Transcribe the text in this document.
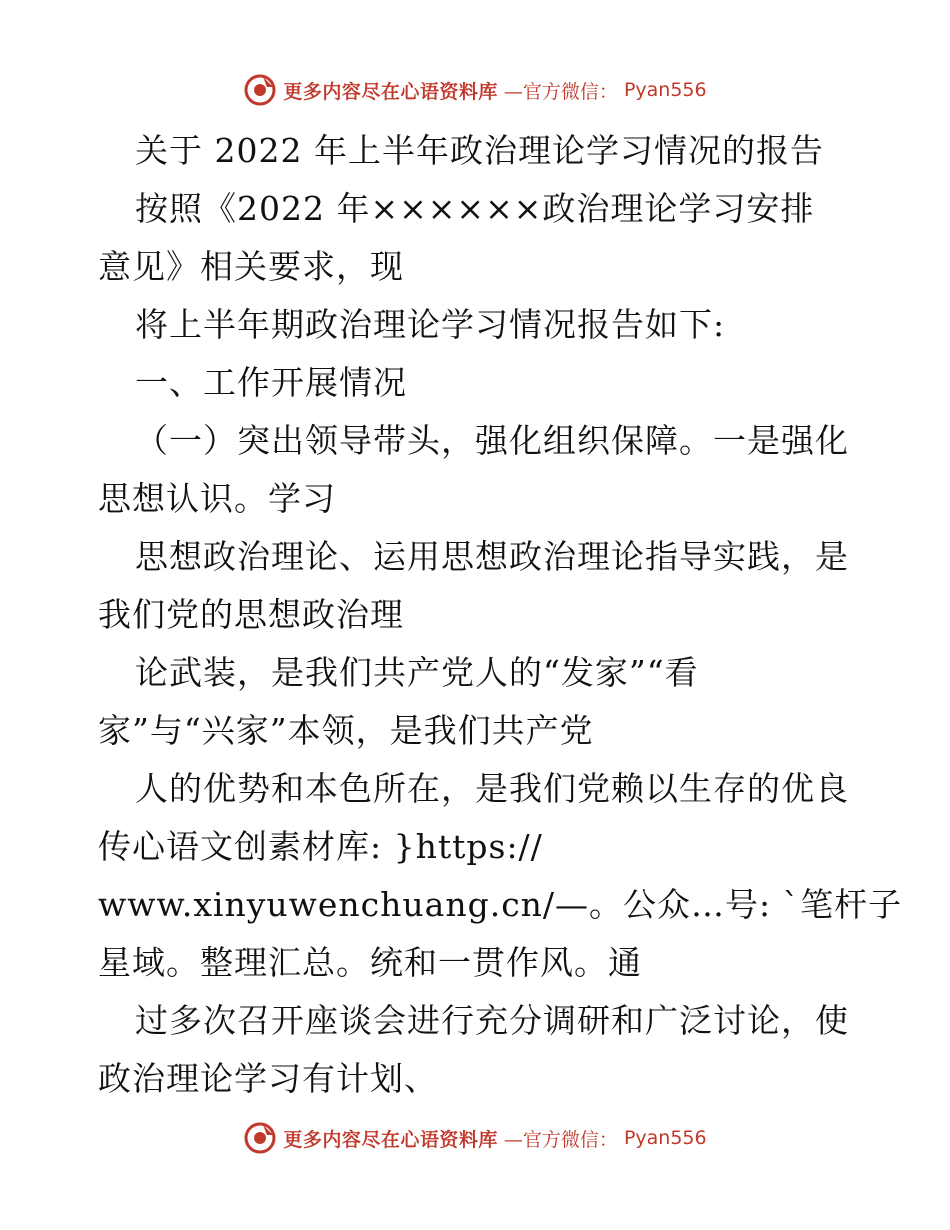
更多内容尽在心语资料库 —官方微信： Pyan556
关于 2022 年上半年政治理论学习情况的报告
按照《2022 年××××××政治理论学习安排
意见》相关要求，现
将上半年期政治理论学习情况报告如下:
一、工作开展情况
（一）突出领导带头，强化组织保障。一是强化
思想认识。学习
思想政治理论、运用思想政治理论指导实践，是
我们党的思想政治理
论武装，是我们共产党人的“发家”“看
家”与“兴家”本领，是我们共产党
人的优势和本色所在，是我们党赖以生存的优良
传心语文创素材库: }https://
www.xinyuwenchuang.cn/—。公众…号: `笔杆子
星域。整理汇总。统和一贯作风。通
过多次召开座谈会进行充分调研和广泛讨论，使
政治理论学习有计划、
更多内容尽在心语资料库 —官方微信： Pyan556
